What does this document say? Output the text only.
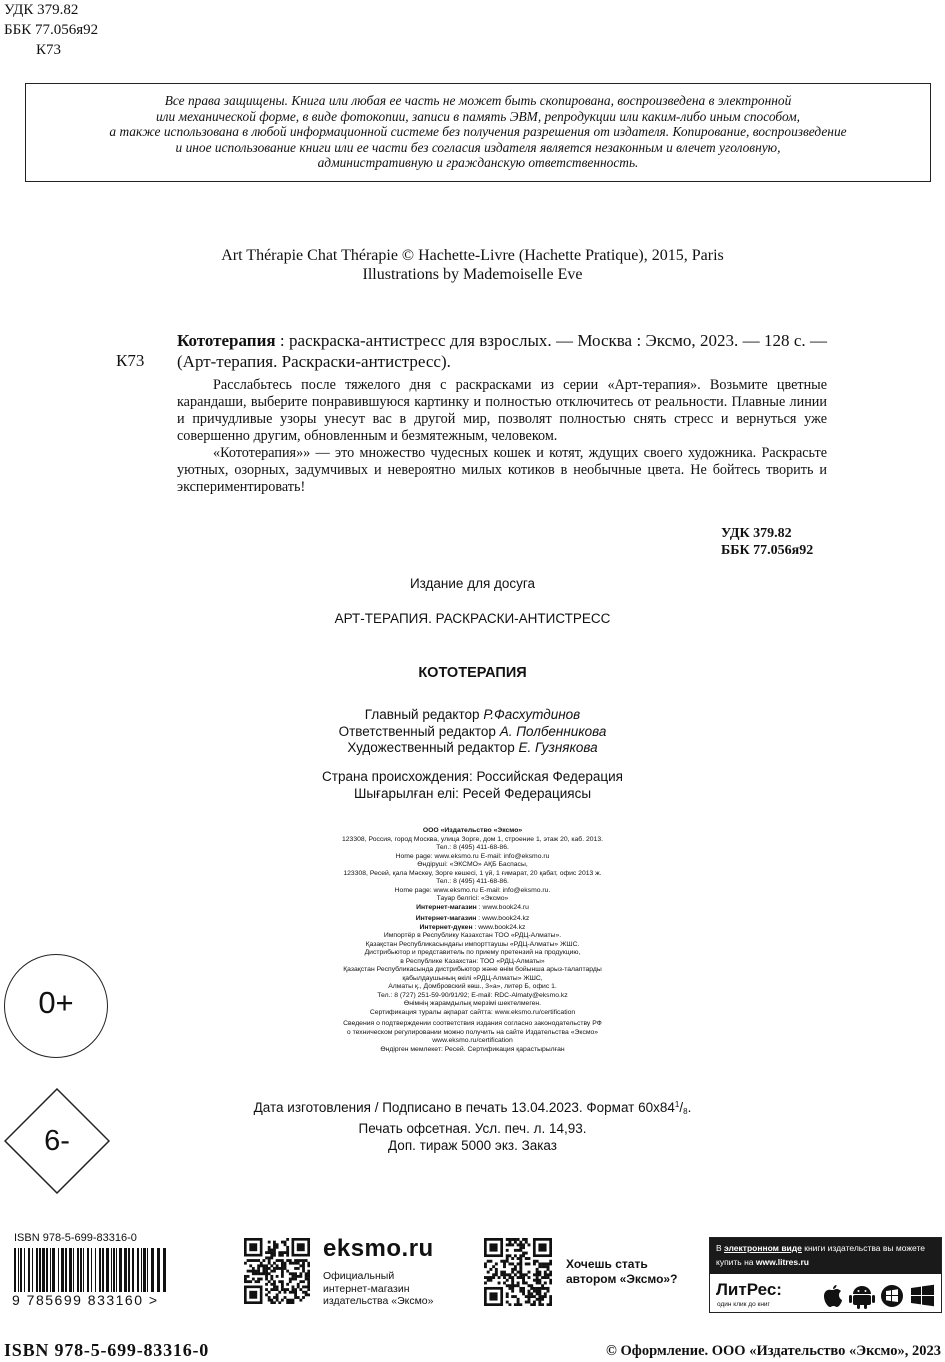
УДК 379.82
ББК 77.056я92
К73
Все права защищены. Книга или любая ее часть не может быть скопирована, воспроизведена в электронной
или механической форме, в виде фотокопии, записи в память ЭВМ, репродукции или каким-либо иным способом,
а также использована в любой информационной системе без получения разрешения от издателя. Копирование, воспроизведение
и иное использование книги или ее части без согласия издателя является незаконным и влечет уголовную,
административную и гражданскую ответственность.
Art Thérapie Chat Thérapie © Hachette-Livre (Hachette Pratique), 2015, Paris
Illustrations by Mademoiselle Eve
К73
Кототерапия : раскраска-антистресс для взрослых. — Москва : Эксмо, 2023. — 128 с. — (Арт-терапия. Раскраски-антистресс).

Расслабьтесь после тяжелого дня с раскрасками из серии «Арт-терапия». Возьмите цветные карандаши, выберите понравившуюся картинку и полностью отключитесь от реальности. Плавные линии и причудливые узоры унесут вас в другой мир, позволят полностью снять стресс и вернуться уже совершенно другим, обновленным и безмятежным, человеком.

«Кототерапия»» — это множество чудесных кошек и котят, ждущих своего художника. Раскрасьте уютных, озорных, задумчивых и невероятно милых котиков в необычные цвета. Не бойтесь творить и экспериментировать!

УДК 379.82
ББК 77.056я92
Издание для досуга
АРТ-ТЕРАПИЯ. РАСКРАСКИ-АНТИСТРЕСС
КОТОТЕРАПИЯ
Главный редактор Р.Фасхутдинов
Ответственный редактор А. Полбенникова
Художественный редактор Е. Гузнякова
Страна происхождения: Российская Федерация
Шығарылған елі: Ресей Федерациясы
ООО «Издательство «Эксмо»
123308, Россия, город Москва, улица Зорге, дом 1, строение 1, этаж 20, каб. 2013.
Тел.: 8 (495) 411-68-86.
Home page: www.eksmo.ru E-mail: info@eksmo.ru
Өндіруші: «ЭКСМО» АҚБ Баспасы,
123308, Ресей, қала Мәскеу, Зорге көшесі, 1 үй, 1 ғимарат, 20 қабат, офис 2013 ж.
Тел.: 8 (495) 411-68-86.
Home page: www.eksmo.ru E-mail: info@eksmo.ru.
Тауар белгісі: «Эксмо»
Интернет-магазин : www.book24.ru
Интернет-магазин : www.book24.kz
Интернет-дүкен : www.book24.kz
Импортёр в Республику Казахстан ТОО «РДЦ-Алматы».
Қазақстан Республикасындағы импорттаушы «РДЦ-Алматы» ЖШС.
Дистрибьютор и представитель по приему претензий на продукцию,
в Республике Казахстан: ТОО «РДЦ-Алматы»
Қазақстан Республикасында дистрибьютор және өнім бойынша арыз-талаптарды
қабылдаушының өкілі «РДЦ-Алматы» ЖШС,
Алматы қ., Домбровский көш., 3«а», литер Б, офис 1.
Тел.: 8 (727) 251-59-90/91/92; E-mail: RDC-Almaty@eksmo.kz
Өнімнің жарамдылық мерзімі шектелмеген.
Сертификация туралы ақпарат сайтта: www.eksmo.ru/certification
Сведения о подтверждении соответствия издания согласно законодательству РФ
о техническом регулировании можно получить на сайте Издательства «Эксмо»
www.eksmo.ru/certification
Өндірген мемлекет: Ресей. Сертификация қарастырылған
Дата изготовления / Подписано в печать 13.04.2023. Формат $60x84^1/_8$.
Печать офсетная. Усл. печ. л. 14,93.
Доп. тираж 5000 экз. Заказ
0+
6-
ISBN 978-5-699-83316-0
9 785699 833160 >
eksmo.ru
Официальный
интернет-магазин
издательства «Эксмо»
Хочешь стать
автором «Эксмо»?
В электронном виде книги издательства вы можете
купить на www.litres.ru
ЛитРес:
один клик до книг
ISBN 978-5-699-83316-0	© Оформление. ООО «Издательство «Эксмо», 2023
